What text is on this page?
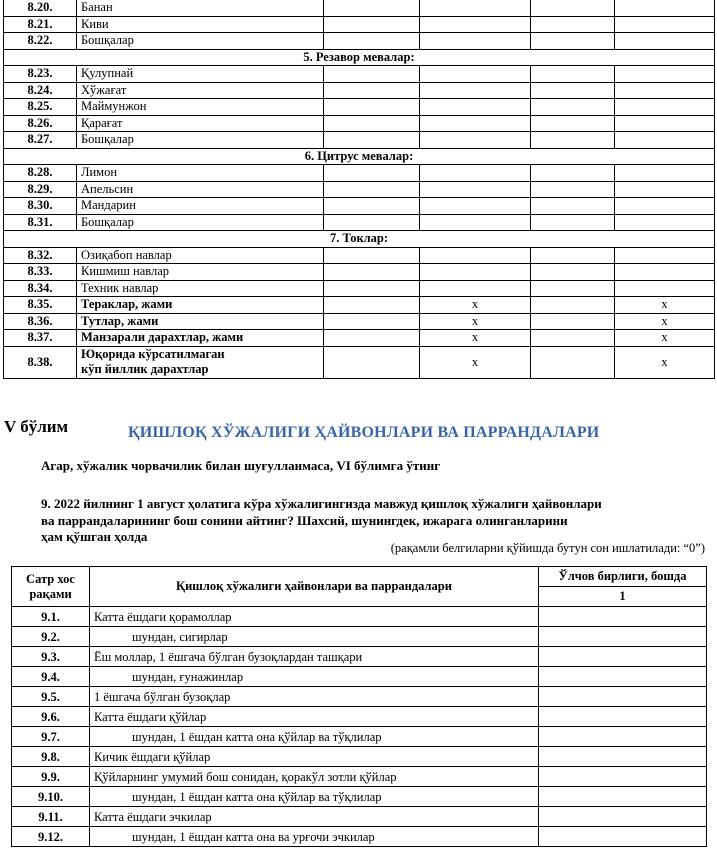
8.20.	Банан				
8.21.	Киви				
8.22.	Бошқалар				
5. Резавор мевалар:					
8.23.	Қулупнай				
8.24.	Хўжағат				
8.25.	Маймунжон				
8.26.	Қарағат				
8.27.	Бошқалар				
6. Цитрус мевалар:					
8.28.	Лимон				
8.29.	Апельсин				
8.30.	Мандарин				
8.31.	Бошқалар				
7. Токлар:					
8.32.	Озиқабоп навлар				
8.33.	Кишмиш навлар				
8.34.	Техник навлар				
8.35.	Тераклар, жами		x		x
8.36.	Тутлар, жами		x		x
8.37.	Манзарали дарахтлар, жами		x		x
8.38.	Юқорида кўрсатилмаган
кўп йиллик дарахтлар		x		x
V бўлим	ҚИШЛОҚ ХЎЖАЛИГИ ҲАЙВОНЛАРИ ВА ПАРРАНДАЛАРИ
Агар, хўжалик чорвачилик билан шуғулланмаса, VI бўлимга ўтинг
9. 2022 йилнинг 1 август ҳолатига кўра хўжалигингизда мавжуд қишлоқ хўжалиги ҳайвонлари
ва паррандаларининг бош сонини айтинг? Шахсий, шунингдек, ижарага олинганларини
ҳам қўшган ҳолда
(рақамли белгиларни қўйишда бутун сон ишлатилади: “0”)
Сатр хос рақами	Қишлоқ хўжалиги ҳайвонлари ва паррандалари	Ўлчов бирлиги, бошда
		1
9.1.	Катта ёшдаги қорамоллар	
9.2.	шундан, сигирлар	
9.3.	Ёш моллар, 1 ёшгача бўлган бузоқлардан ташқари	
9.4.	шундан, ғунажинлар	
9.5.	1 ёшгача бўлган бузоқлар	
9.6.	Катта ёшдаги қўйлар	
9.7.	шундан, 1 ёшдан катта она қўйлар ва тўқлилар	
9.8.	Кичик ёшдаги қўйлар	
9.9.	Қўйларнинг умумий бош сонидан, қоракўл зотли қўйлар	
9.10.	шундан, 1 ёшдан катта она қўйлар ва тўқлилар	
9.11.	Катта ёшдаги эчкилар	
9.12.	шундан, 1 ёшдан катта она ва урғочи эчкилар	
